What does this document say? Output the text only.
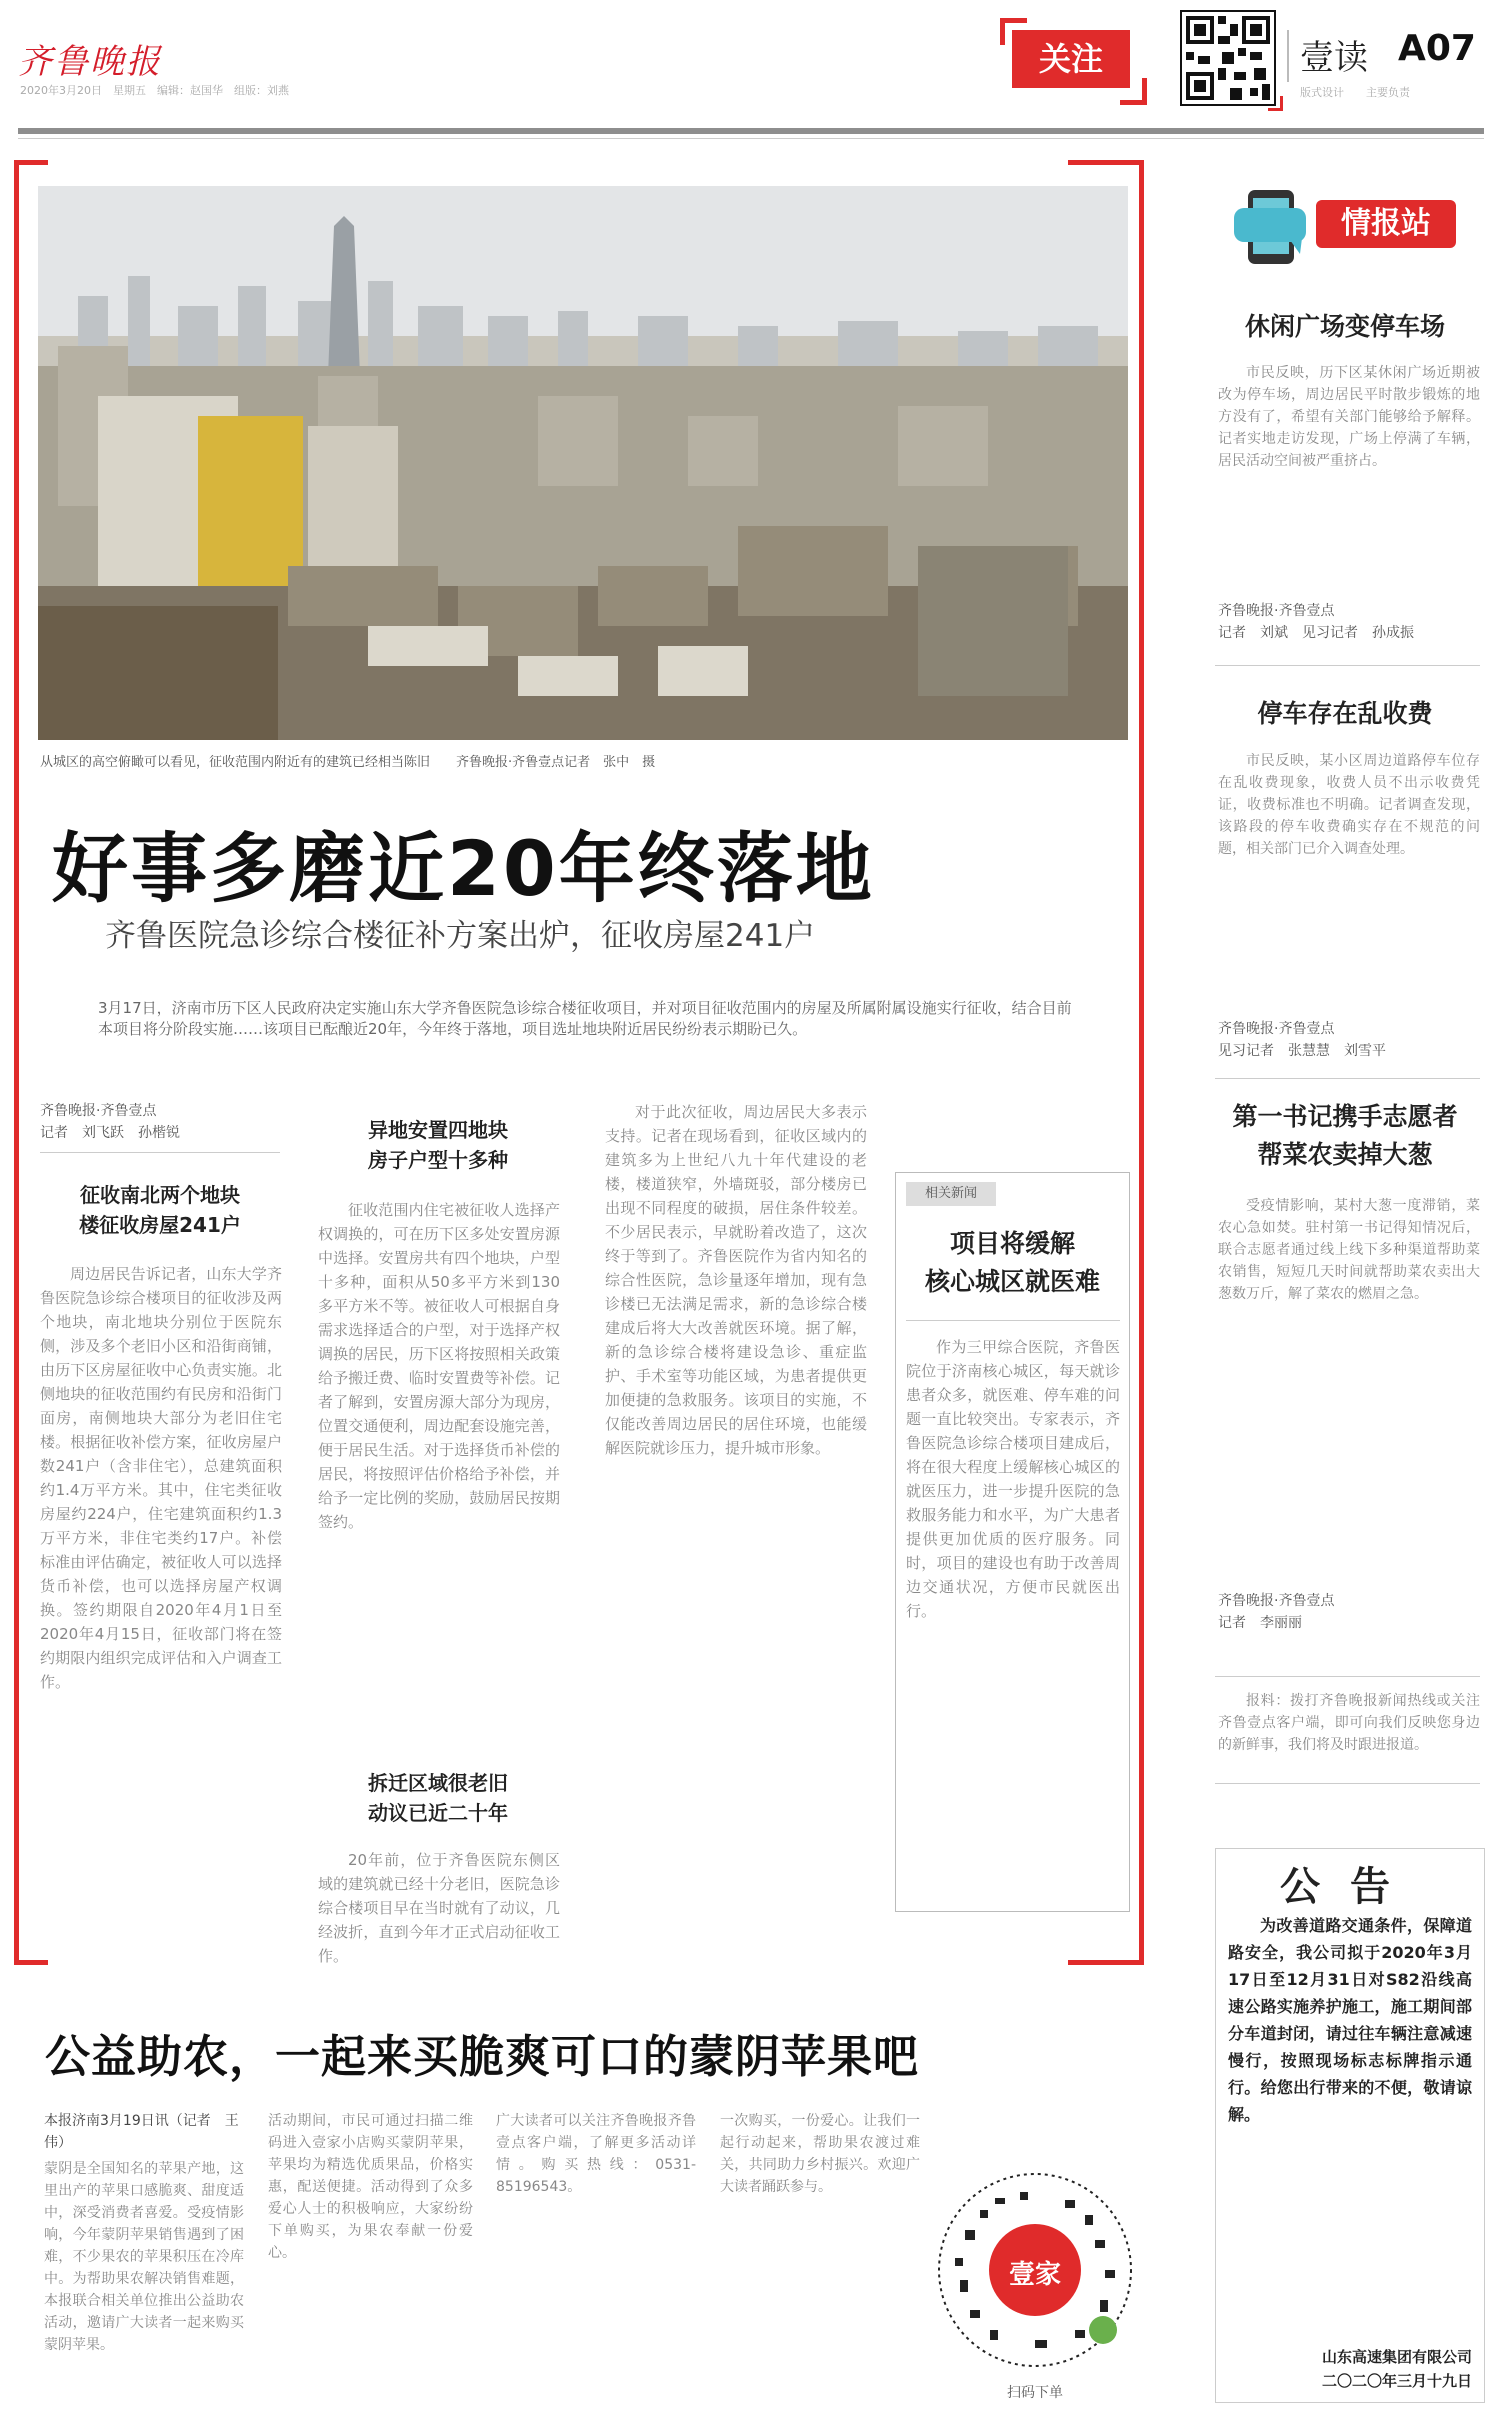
齐鲁晚报
2020年3月20日　星期五　编辑：赵国华　组版：刘燕
关注	壹读 A07
版式设计　　主要负责
从城区的高空俯瞰可以看见，征收范围内附近有的建筑已经相当陈旧　　齐鲁晚报·齐鲁壹点记者　张中　摄
好事多磨近20年终落地
齐鲁医院急诊综合楼征补方案出炉，征收房屋241户
3月17日，济南市历下区人民政府决定实施山东大学齐鲁医院急诊综合楼征收项目，并对项目征收范围内的房屋及所属附属设施实行征收，结合目前本项目将分阶段实施……该项目已酝酿近20年，今年终于落地，项目选址地块附近居民纷纷表示期盼已久。
齐鲁晚报·齐鲁壹点
记者　刘飞跃　孙楷锐
征收南北两个地块
楼征收房屋241户
周边居民告诉记者，山东大学齐鲁医院急诊综合楼项目的征收涉及两个地块，南北地块分别位于医院东侧，涉及多个老旧小区和沿街商铺，由历下区房屋征收中心负责实施。北侧地块的征收范围约有民房和沿街门面房，南侧地块大部分为老旧住宅楼。根据征收补偿方案，征收房屋户数241户（含非住宅），总建筑面积约1.4万平方米。其中，住宅类征收房屋约224户，住宅建筑面积约1.3万平方米，非住宅类约17户。补偿标准由评估确定，被征收人可以选择货币补偿，也可以选择房屋产权调换。签约期限自2020年4月1日至2020年4月15日，征收部门将在签约期限内组织完成评估和入户调查工作。
异地安置四地块
房子户型十多种
征收范围内住宅被征收人选择产权调换的，可在历下区多处安置房源中选择。安置房共有四个地块，户型十多种，面积从50多平方米到130多平方米不等。被征收人可根据自身需求选择适合的户型，对于选择产权调换的居民，历下区将按照相关政策给予搬迁费、临时安置费等补偿。记者了解到，安置房源大部分为现房，位置交通便利，周边配套设施完善，便于居民生活。对于选择货币补偿的居民，将按照评估价格给予补偿，并给予一定比例的奖励，鼓励居民按期签约。
拆迁区域很老旧
动议已近二十年
20年前，位于齐鲁医院东侧区域的建筑就已经十分老旧，医院急诊综合楼项目早在当时就有了动议，几经波折，直到今年才正式启动征收工作。
对于此次征收，周边居民大多表示支持。记者在现场看到，征收区域内的建筑多为上世纪八九十年代建设的老楼，楼道狭窄，外墙斑驳，部分楼房已出现不同程度的破损，居住条件较差。不少居民表示，早就盼着改造了，这次终于等到了。齐鲁医院作为省内知名的综合性医院，急诊量逐年增加，现有急诊楼已无法满足需求，新的急诊综合楼建成后将大大改善就医环境。据了解，新的急诊综合楼将建设急诊、重症监护、手术室等功能区域，为患者提供更加便捷的急救服务。该项目的实施，不仅能改善周边居民的居住环境，也能缓解医院就诊压力，提升城市形象。
相关新闻
项目将缓解
核心城区就医难
作为三甲综合医院，齐鲁医院位于济南核心城区，每天就诊患者众多，就医难、停车难的问题一直比较突出。专家表示，齐鲁医院急诊综合楼项目建成后，将在很大程度上缓解核心城区的就医压力，进一步提升医院的急救服务能力和水平，为广大患者提供更加优质的医疗服务。同时，项目的建设也有助于改善周边交通状况，方便市民就医出行。
情报站
休闲广场变停车场
市民反映，历下区某休闲广场近期被改为停车场，周边居民平时散步锻炼的地方没有了，希望有关部门能够给予解释。记者实地走访发现，广场上停满了车辆，居民活动空间被严重挤占。
齐鲁晚报·齐鲁壹点
记者　刘斌　见习记者　孙成振
停车存在乱收费
市民反映，某小区周边道路停车位存在乱收费现象，收费人员不出示收费凭证，收费标准也不明确。记者调查发现，该路段的停车收费确实存在不规范的问题，相关部门已介入调查处理。
齐鲁晚报·齐鲁壹点
见习记者　张慧慧　刘雪平
第一书记携手志愿者
帮菜农卖掉大葱
受疫情影响，某村大葱一度滞销，菜农心急如焚。驻村第一书记得知情况后，联合志愿者通过线上线下多种渠道帮助菜农销售，短短几天时间就帮助菜农卖出大葱数万斤，解了菜农的燃眉之急。
齐鲁晚报·齐鲁壹点
记者　李丽丽
报料：拨打齐鲁晚报新闻热线或关注齐鲁壹点客户端，即可向我们反映您身边的新鲜事，我们将及时跟进报道。
公告
为改善道路交通条件，保障道路安全，我公司拟于2020年3月17日至12月31日对S82沿线高速公路实施养护施工，施工期间部分车道封闭，请过往车辆注意减速慢行，按照现场标志标牌指示通行。给您出行带来的不便，敬请谅解。
山东高速集团有限公司
二〇二〇年三月十九日
公益助农，一起来买脆爽可口的蒙阴苹果吧
本报济南3月19日讯（记者　王伟）
蒙阴是全国知名的苹果产地，这里出产的苹果口感脆爽、甜度适中，深受消费者喜爱。受疫情影响，今年蒙阴苹果销售遇到了困难，不少果农的苹果积压在冷库中。为帮助果农解决销售难题，本报联合相关单位推出公益助农活动，邀请广大读者一起来购买蒙阴苹果。
活动期间，市民可通过扫描二维码进入壹家小店购买蒙阴苹果，苹果均为精选优质果品，价格实惠，配送便捷。活动得到了众多爱心人士的积极响应，大家纷纷下单购买，为果农奉献一份爱心。
广大读者可以关注齐鲁晚报齐鲁壹点客户端，了解更多活动详情。购买热线：0531-85196543。
一次购买，一份爱心。让我们一起行动起来，帮助果农渡过难关，共同助力乡村振兴。欢迎广大读者踊跃参与。
壹家
扫码下单
